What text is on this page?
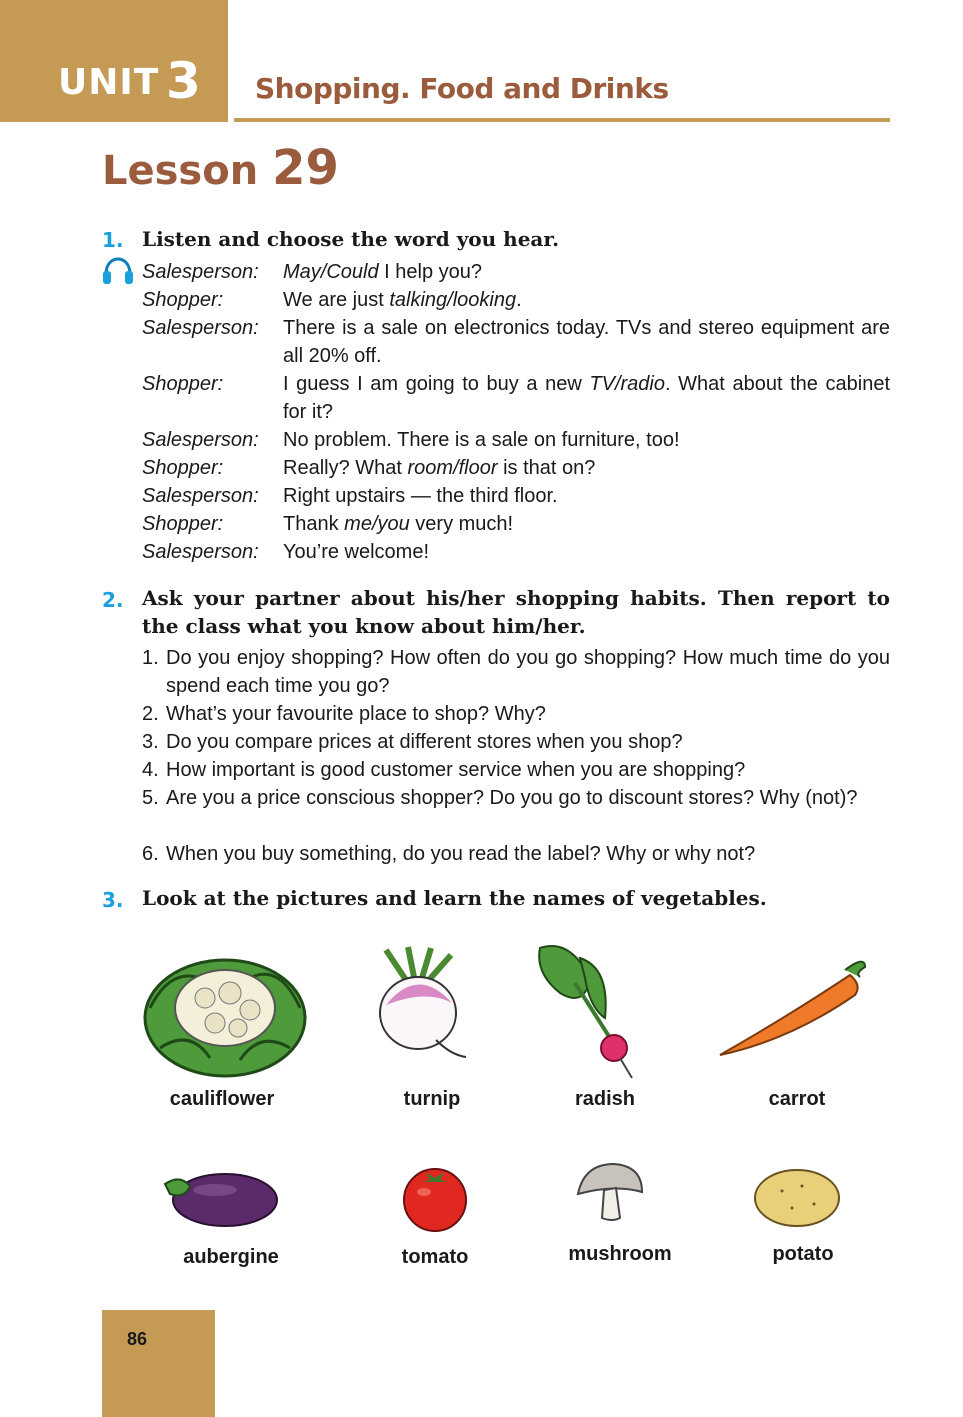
UNIT 3 Shopping. Food and Drinks
Lesson 29
1. Listen and choose the word you hear.
Salesperson: May/Could I help you?
Shopper:	We are just talking/looking.
Salesperson: There is a sale on electronics today. TVs and stereo equipment are all 20% off.
Shopper:	I guess I am going to buy a new TV/radio. What about the cabinet for it?
Salesperson: No problem. There is a sale on furniture, too!
Shopper:	Really? What room/floor is that on?
Salesperson: Right upstairs — the third floor.
Shopper:	Thank me/you very much!
Salesperson: You’re welcome!
2. Ask your partner about his/her shopping habits. Then report to the class what you know about him/her.
1. Do you enjoy shopping? How often do you go shopping? How much time do you spend each time you go?
2. What’s your favourite place to shop? Why?
3. Do you compare prices at different stores when you shop?
4. How important is good customer service when you are shopping?
5. Are you a price conscious shopper? Do you go to discount stores? Why (not)?
6. When you buy something, do you read the label? Why or why not?
3. Look at the pictures and learn the names of vegetables.
cauliflower	turnip	radish	carrot
aubergine	tomato	mushroom	potato
86
